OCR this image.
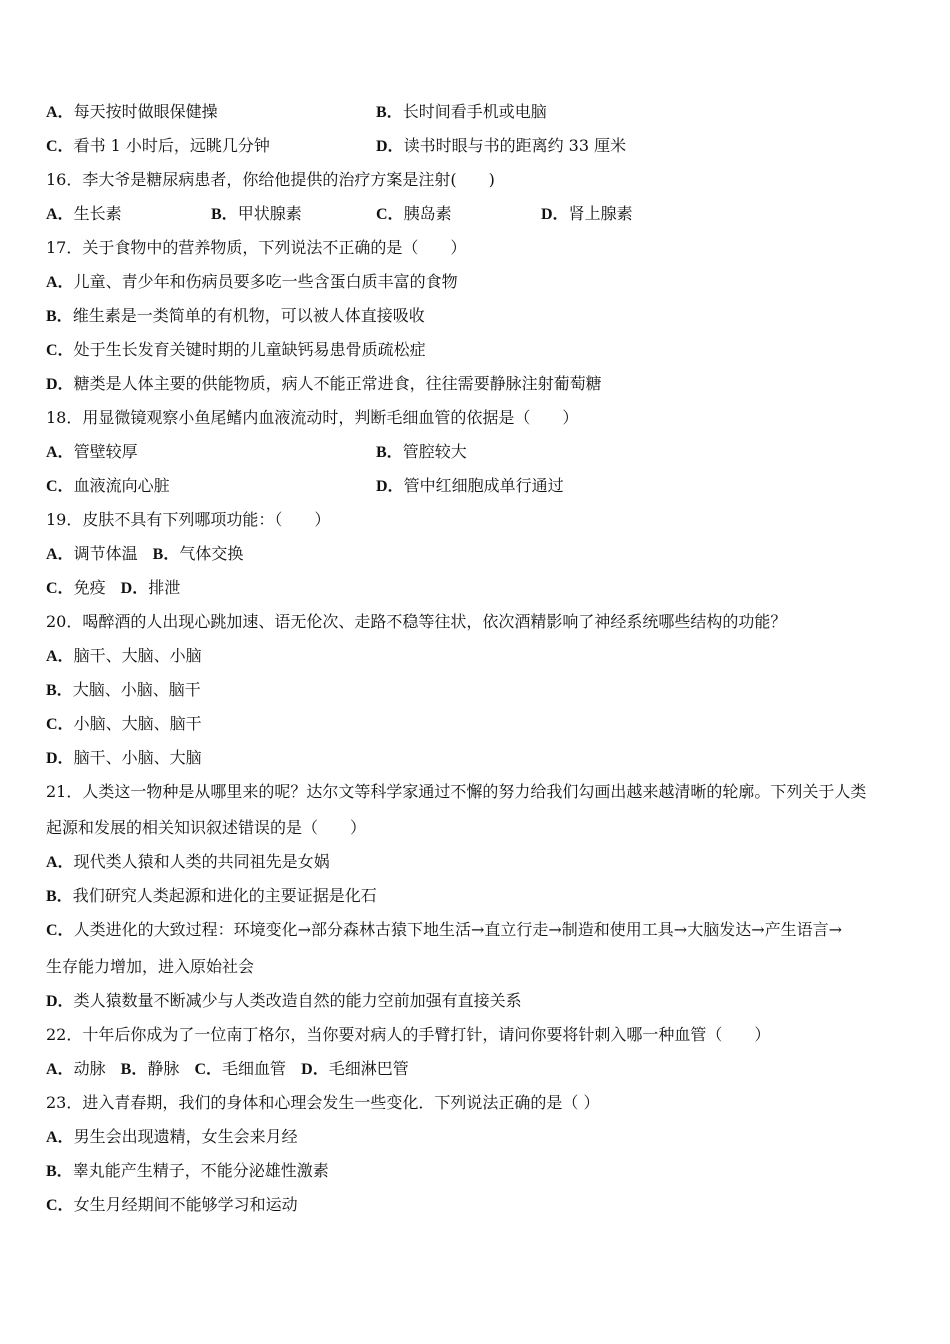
A．每天按时做眼保健操	B．长时间看手机或电脑
C．看书 1 小时后，远眺几分钟	D．读书时眼与书的距离约 33 厘米
16．李大爷是糖尿病患者，你给他提供的治疗方案是注射(　　)
A．生长素	B．甲状腺素	C．胰岛素	D．肾上腺素
17．关于食物中的营养物质，下列说法不正确的是（　　）
A．儿童、青少年和伤病员要多吃一些含蛋白质丰富的食物
B．维生素是一类简单的有机物，可以被人体直接吸收
C．处于生长发育关键时期的儿童缺钙易患骨质疏松症
D．糖类是人体主要的供能物质，病人不能正常进食，往往需要静脉注射葡萄糖
18．用显微镜观察小鱼尾鳍内血液流动时，判断毛细血管的依据是（　　）
A．管壁较厚	B．管腔较大
C．血液流向心脏	D．管中红细胞成单行通过
19．皮肤不具有下列哪项功能：（　　）
A．调节体温 B．气体交换
C．免疫 D．排泄
20．喝醉酒的人出现心跳加速、语无伦次、走路不稳等往状，依次酒精影响了神经系统哪些结构的功能？
A．脑干、大脑、小脑
B．大脑、小脑、脑干
C．小脑、大脑、脑干
D．脑干、小脑、大脑
21．人类这一物种是从哪里来的呢？达尔文等科学家通过不懈的努力给我们勾画出越来越清晰的轮廓。下列关于人类
起源和发展的相关知识叙述错误的是（　　）
A．现代类人猿和人类的共同祖先是女娲
B．我们研究人类起源和进化的主要证据是化石
C．人类进化的大致过程：环境变化→部分森林古猿下地生活→直立行走→制造和使用工具→大脑发达→产生语言→
生存能力增加，进入原始社会
D．类人猿数量不断减少与人类改造自然的能力空前加强有直接关系
22．十年后你成为了一位南丁格尔，当你要对病人的手臂打针，请问你要将针刺入哪一种血管（　　）
A．动脉 B．静脉 C．毛细血管 D．毛细淋巴管
23．进入青春期，我们的身体和心理会发生一些变化．下列说法正确的是（ ）
A．男生会出现遗精，女生会来月经
B．睾丸能产生精子，不能分泌雄性激素
C．女生月经期间不能够学习和运动
